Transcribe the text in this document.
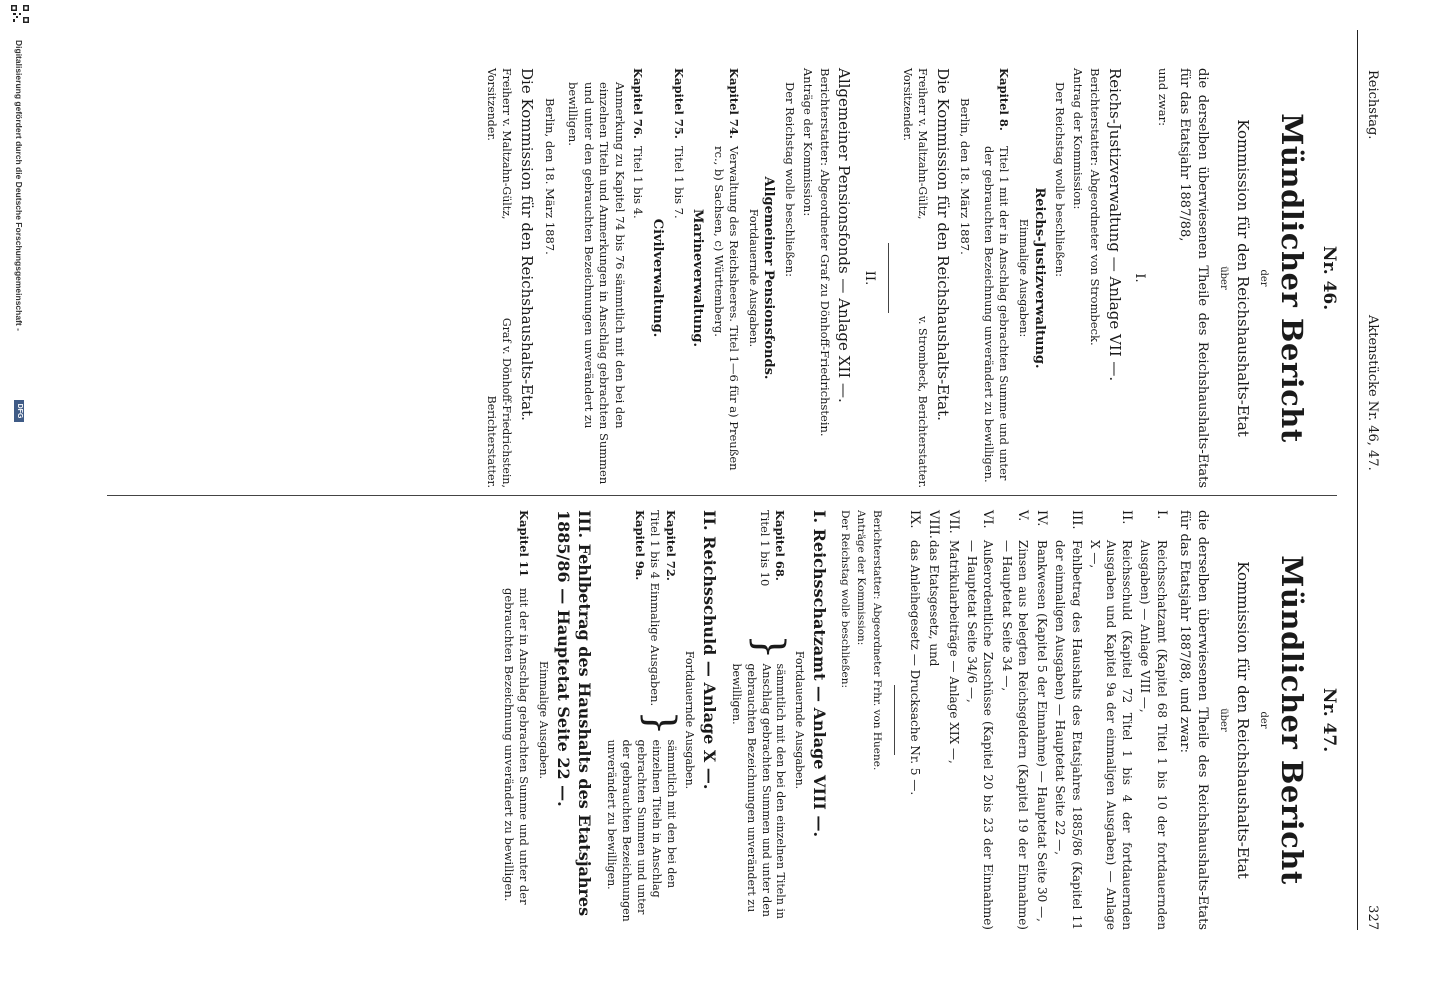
Reichstag.
Aktenstücke Nr. 46, 47.
327
Nr. 46.
Mündlicher Bericht
der
Kommission für den Reichshaushalts-Etat
über
die derselben überwiesenen Theile des Reichshaushalts-Etats für das Etatsjahr 1887/88,
und zwar:
I.
Reichs-Justizverwaltung — Anlage VII —.
Berichterstatter: Abgeordneter von Strombeck.
Antrag der Kommission:
Der Reichstag wolle beschließen:
Reichs-Justizverwaltung.
Einmalige Ausgaben:
Kapitel 8.
Titel 1 mit der in Anschlag gebrachten Summe und unter der gebrauchten Bezeichnung unverändert zu bewilligen.
Berlin, den 18. März 1887.
Die Kommission für den Reichshaushalts-Etat.
Freiherr v. Maltzahn-Gültz, Vorsitzender.
v. Strombeck, Berichterstatter.
II.
Allgemeiner Pensionsfonds — Anlage XII —.
Berichterstatter: Abgeordneter Graf zu Dönhoff-Friedrichstein.
Anträge der Kommission:
Der Reichstag wolle beschließen:
Allgemeiner Pensionsfonds.
Fortdauernde Ausgaben.
Kapitel 74.
Verwaltung des Reichsheeres. Titel 1—6 für a) Preußen rc., b) Sachsen, c) Württemberg.
Marineverwaltung.
Kapitel 75.
Titel 1 bis 7.
Civilverwaltung.
Kapitel 76.
Titel 1 bis 4.
Anmerkung zu Kapitel 74 bis 76 sämmtlich mit den bei den einzelnen Titeln und Anmerkungen in Anschlag gebrachten Summen und unter den gebrauchten Bezeichnungen unverändert zu bewilligen.
Berlin, den 18. März 1887.
Die Kommission für den Reichshaushalts-Etat.
Freiherr v. Maltzahn-Gültz, Vorsitzender.
Graf v. Dönhoff-Friedrichstein, Berichterstatter.
Nr. 47.
Mündlicher Bericht
der
Kommission für den Reichshaushalts-Etat
über
die derselben überwiesenen Theile des Reichshaushalts-Etats für das Etatsjahr 1887/88, und zwar:
I.
Reichsschatzamt (Kapitel 68 Titel 1 bis 10 der fortdauernden Ausgaben) — Anlage VIII —,
II.
Reichsschuld (Kapitel 72 Titel 1 bis 4 der fortdauernden Ausgaben und Kapitel 9a der einmaligen Ausgaben) — Anlage X —,
III.
Fehlbetrag des Haushalts des Etatsjahres 1885/86 (Kapitel 11 der einmaligen Ausgaben) — Hauptetat Seite 22 —,
IV.
Bankwesen (Kapitel 5 der Einnahme) — Hauptetat Seite 30 —,
V.
Zinsen aus belegten Reichsgeldern (Kapitel 19 der Einnahme) — Hauptetat Seite 34 —,
VI.
Außerordentliche Zuschüsse (Kapitel 20 bis 23 der Einnahme) — Hauptetat Seite 34/6 —,
VII.
Matrikularbeiträge — Anlage XIX —,
VIII.
das Etatsgesetz, und
IX.
das Anleihegesetz — Drucksache Nr. 5 —.
Berichterstatter: Abgeordneter Frhr. von Huene.
Anträge der Kommission:
Der Reichstag wolle beschließen:
I. Reichsschatzamt — Anlage VIII —.
Fortdauernde Ausgaben.
Kapitel 68.
Titel 1 bis 10
}
sämmtlich mit den bei den einzelnen Titeln in Anschlag gebrachten Summen und unter den gebrauchten Bezeichnungen unverändert zu bewilligen.
II. Reichsschuld — Anlage X —.
Fortdauernde Ausgaben.
Kapitel 72.
Titel 1 bis 4 Einmalige Ausgaben.
Kapitel 9a.
}
sämmtlich mit den bei den einzelnen Titeln in Anschlag gebrachten Summen und unter der gebrauchten Bezeichnungen unverändert zu bewilligen.
III. Fehlbetrag des Haushalts des Etatsjahres 1885/86 — Hauptetat Seite 22 —.
Einmalige Ausgaben.
Kapitel 11
mit der in Anschlag gebrachten Summe und unter der gebrauchten Bezeichnung unverändert zu bewilligen.
Digitalisierung gefördert durch die Deutsche Forschungsgemeinschaft -
DFG
